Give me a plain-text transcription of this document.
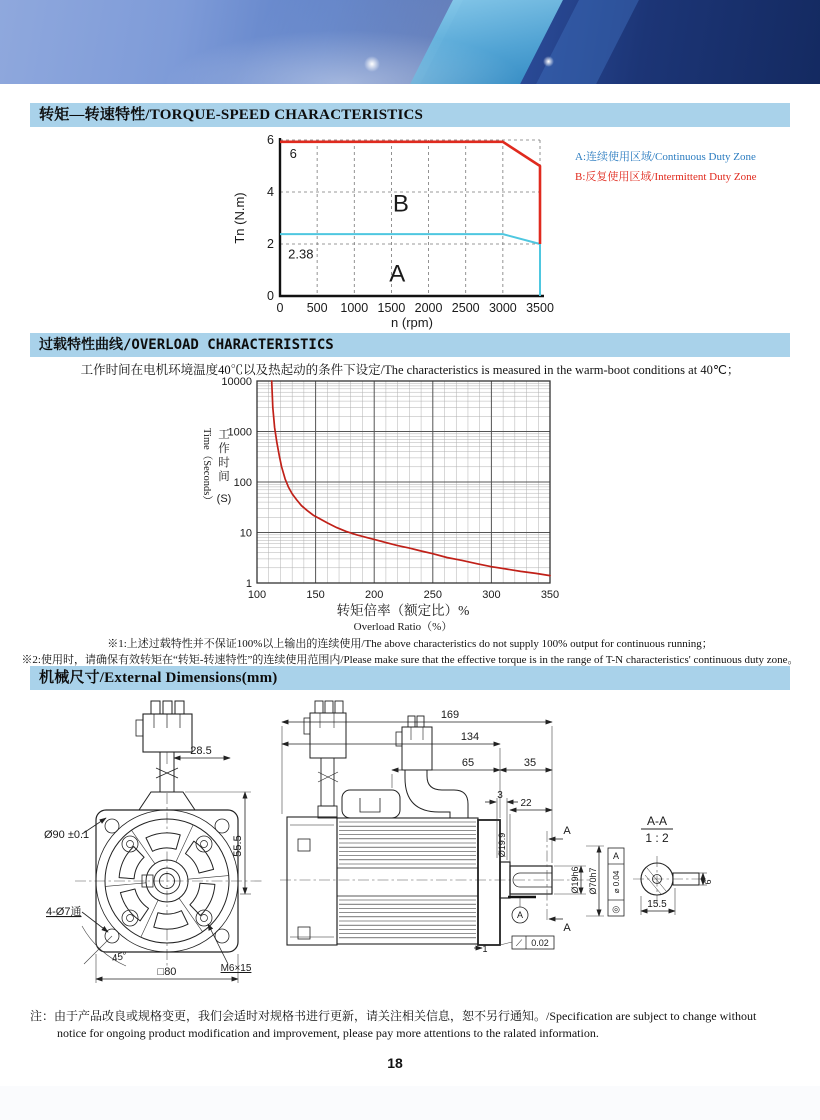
转矩—转速特性/TORQUE-SPEED CHARACTERISTICS
0 500 1000 1500 2000 2500 3000 3500
0
2
4
6
n (rpm)
Tn (N.m)
6
2.38
B
A
A:连续使用区域/Continuous Duty Zone
B:反复使用区域/Intermittent Duty Zone
过载特性曲线/OVERLOAD CHARACTERISTICS
工作时间在电机环境温度40℃以及热起动的条件下设定/The characteristics is measured in the warm-boot conditions at 40℃；
1
10
100
1000
10000
100	150	200	250	300	350
Time（Seconds） 工
作
时
间
(S)
转矩倍率（额定比）%
Overload Ratio（%）
※1:上述过载特性并不保证100%以上输出的连续使用/The above characteristics do not supply 100% output for continuous running；
※2:使用时，请确保有效转矩在“转矩-转速特性”的连续使用范围内/Please make sure that the effective torque is in the range of T-N characteristics' continuous duty zone。
机械尺寸/External Dimensions(mm)
28.5
55.5
Ø90 ±0.1
4-Ø7通
45°
□80	M6×15
169
134
65	35
3
22
Ø19.9
Ø19h6 Ø70h7
A
⌀ 0.04
◎
A
A
A
⟋ 0.02
1
A-A
1 : 2
15.5
6
注：由于产品改良或规格变更，我们会适时对规格书进行更新，请关注相关信息，恕不另行通知。/Specification are subject to change without notice for ongoing product modification and improvement, please pay more attentions to the ralated information.
18
